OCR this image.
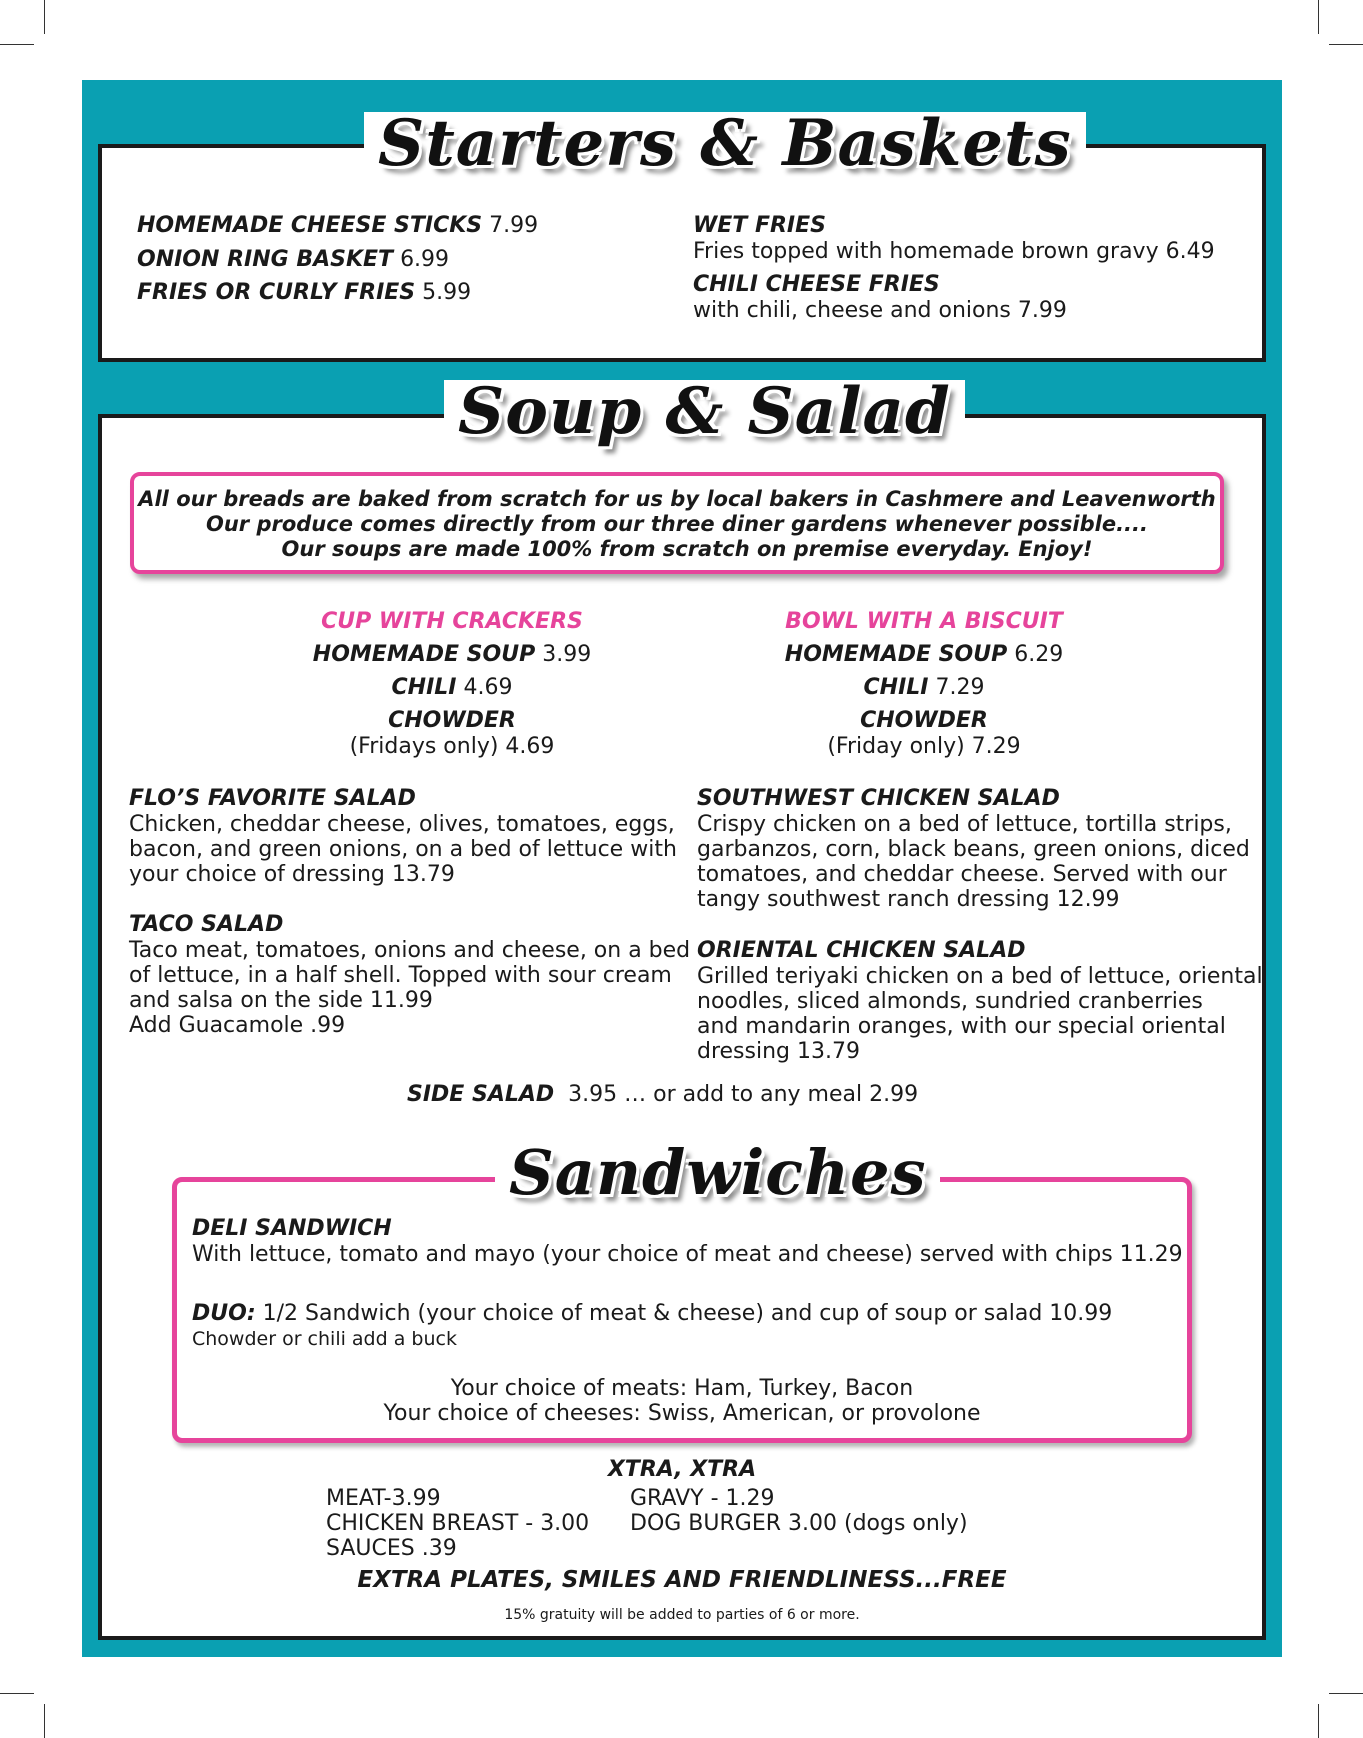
Starters & Baskets
HOMEMADE CHEESE STICKS 7.99
ONION RING BASKET 6.99
FRIES OR CURLY FRIES 5.99
WET FRIES
Fries topped with homemade brown gravy 6.49
CHILI CHEESE FRIES
with chili, cheese and onions 7.99
Soup & Salad
All our breads are baked from scratch for us by local bakers in Cashmere and Leavenworth
Our produce comes directly from our three diner gardens whenever possible....
Our soups are made 100% from scratch on premise everyday. Enjoy!
CUP WITH CRACKERS
HOMEMADE SOUP 3.99
CHILI 4.69
CHOWDER
(Fridays only) 4.69
BOWL WITH A BISCUIT
HOMEMADE SOUP 6.29
CHILI 7.29
CHOWDER
(Friday only) 7.29
FLO’S FAVORITE SALAD
Chicken, cheddar cheese, olives, tomatoes, eggs,
bacon, and green onions, on a bed of lettuce with
your choice of dressing 13.79
TACO SALAD
Taco meat, tomatoes, onions and cheese, on a bed
of lettuce, in a half shell. Topped with sour cream
and salsa on the side 11.99
Add Guacamole .99
SOUTHWEST CHICKEN SALAD
Crispy chicken on a bed of lettuce, tortilla strips,
garbanzos, corn, black beans, green onions, diced
tomatoes, and cheddar cheese. Served with our
tangy southwest ranch dressing 12.99
ORIENTAL CHICKEN SALAD
Grilled teriyaki chicken on a bed of lettuce, oriental
noodles, sliced almonds, sundried cranberries
and mandarin oranges, with our special oriental
dressing 13.79
SIDE SALAD 3.95 … or add to any meal 2.99
Sandwiches
DELI SANDWICH
With lettuce, tomato and mayo (your choice of meat and cheese) served with chips 11.29
DUO: 1/2 Sandwich (your choice of meat & cheese) and cup of soup or salad 10.99
Chowder or chili add a buck
Your choice of meats: Ham, Turkey, Bacon
Your choice of cheeses: Swiss, American, or provolone
XTRA, XTRA
MEAT-3.99
CHICKEN BREAST - 3.00
SAUCES .39
GRAVY - 1.29
DOG BURGER 3.00 (dogs only)
EXTRA PLATES, SMILES AND FRIENDLINESS...FREE
15% gratuity will be added to parties of 6 or more.
